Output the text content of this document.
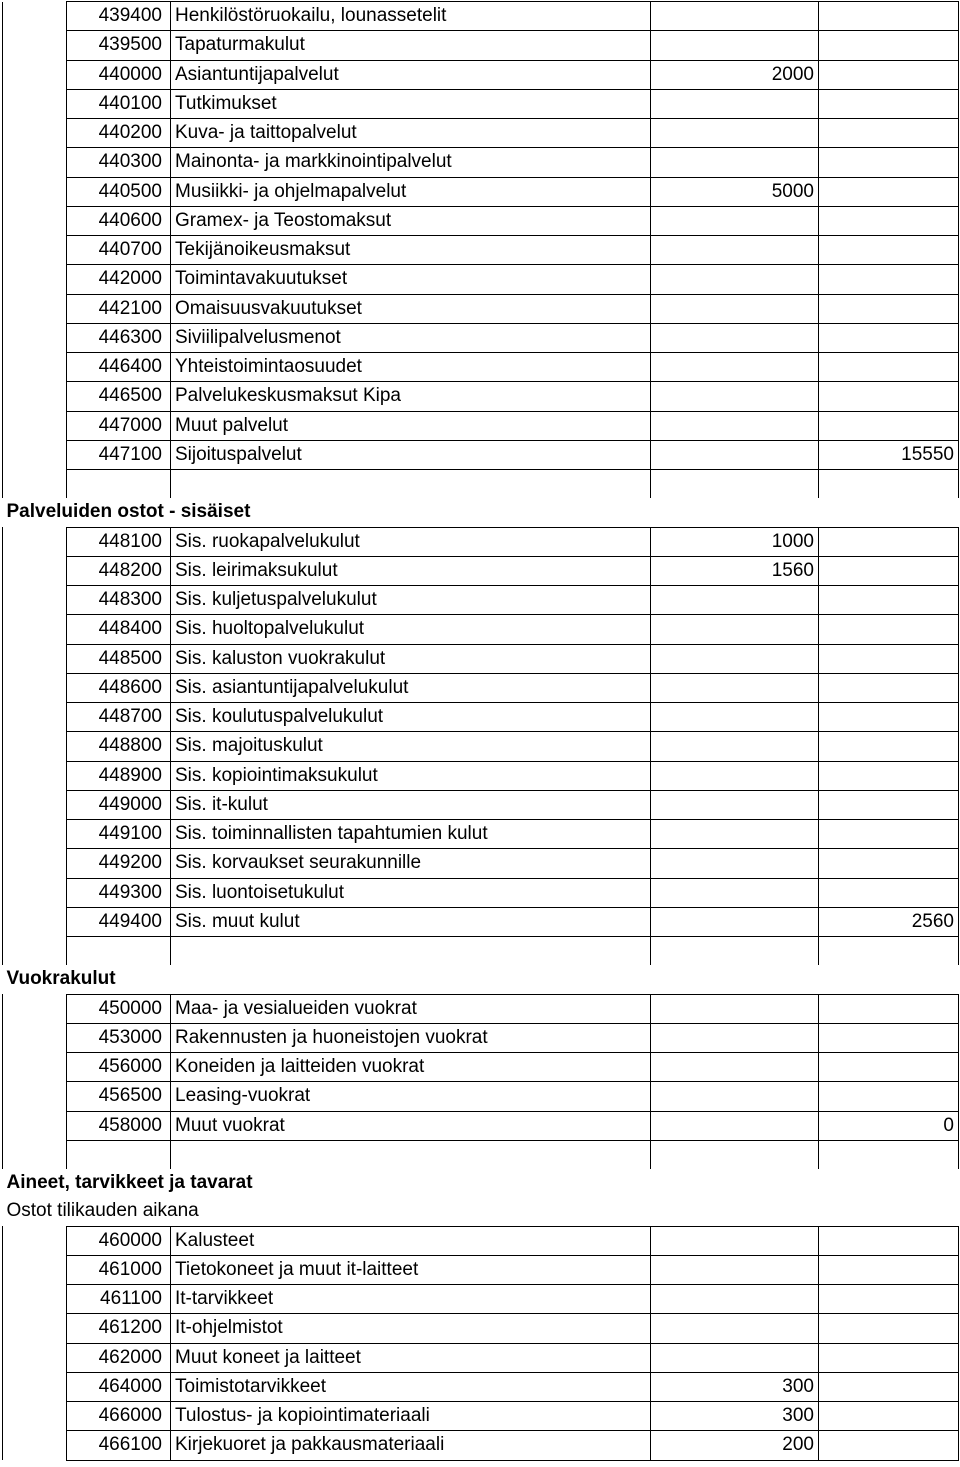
	439400	Henkilöstöruokailu, lounassetelit		
	439500	Tapaturmakulut		
	440000	Asiantuntijapalvelut	2000	
	440100	Tutkimukset		
	440200	Kuva- ja taittopalvelut		
	440300	Mainonta- ja markkinointipalvelut		
	440500	Musiikki- ja ohjelmapalvelut	5000	
	440600	Gramex- ja Teostomaksut		
	440700	Tekijänoikeusmaksut		
	442000	Toimintavakuutukset		
	442100	Omaisuusvakuutukset		
	446300	Siviilipalvelusmenot		
	446400	Yhteistoimintaosuudet		
	446500	Palvelukeskusmaksut Kipa		
	447000	Muut palvelut		
	447100	Sijoituspalvelut		15550

Palveluiden ostot - sisäiset				
	448100	Sis. ruokapalvelukulut	1000	
	448200	Sis. leirimaksukulut	1560	
	448300	Sis. kuljetuspalvelukulut		
	448400	Sis. huoltopalvelukulut		
	448500	Sis. kaluston vuokrakulut		
	448600	Sis. asiantuntijapalvelukulut		
	448700	Sis. koulutuspalvelukulut		
	448800	Sis. majoituskulut		
	448900	Sis. kopiointimaksukulut		
	449000	Sis. it-kulut		
	449100	Sis. toiminnallisten tapahtumien kulut		
	449200	Sis. korvaukset seurakunnille		
	449300	Sis. luontoisetukulut		
	449400	Sis. muut kulut		2560

Vuokrakulut				
	450000	Maa- ja vesialueiden vuokrat		
	453000	Rakennusten ja huoneistojen vuokrat		
	456000	Koneiden ja laitteiden vuokrat		
	456500	Leasing-vuokrat		
	458000	Muut vuokrat		0

Aineet, tarvikkeet ja tavarat				
Ostot tilikauden aikana				
	460000	Kalusteet		
	461000	Tietokoneet ja muut it-laitteet		
	461100	It-tarvikkeet		
	461200	It-ohjelmistot		
	462000	Muut koneet ja laitteet		
	464000	Toimistotarvikkeet	300	
	466000	Tulostus- ja kopiointimateriaali	300	
	466100	Kirjekuoret ja pakkausmateriaali	200	
